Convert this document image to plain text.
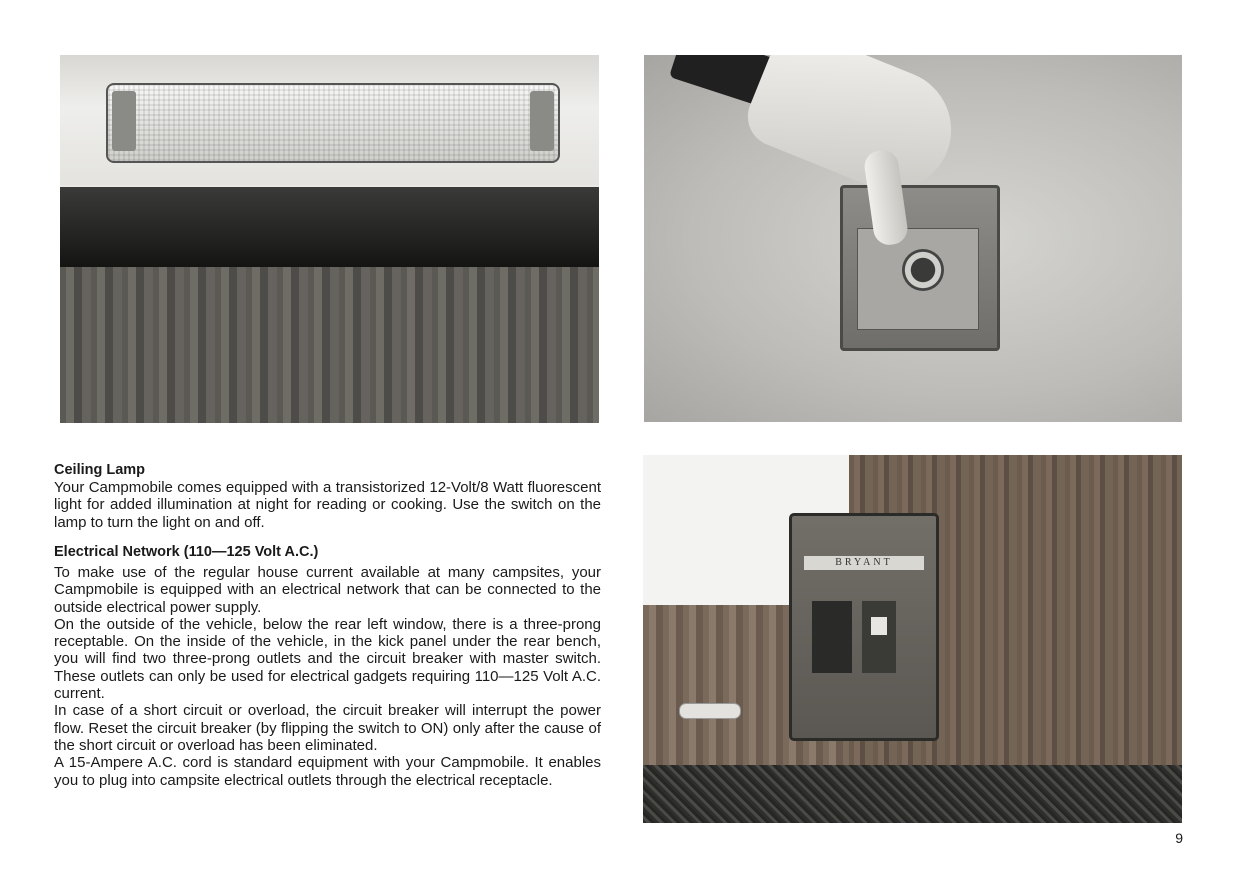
BRYANT
Ceiling Lamp

Your Campmobile comes equipped with a transistorized 12-Volt/8 Watt fluorescent light for added illumination at night for reading or cooking. Use the switch on the lamp to turn the light on and off.

Electrical Network (110—125 Volt A.C.)

To make use of the regular house current available at many campsites, your Campmobile is equipped with an electrical network that can be connected to the outside electrical power supply.

On the outside of the vehicle, below the rear left window, there is a three-prong receptable. On the inside of the vehicle, in the kick panel under the rear bench, you will find two three-prong outlets and the circuit breaker with master switch. These outlets can only be used for electrical gadgets requiring 110—125 Volt A.C. current.

In case of a short circuit or overload, the circuit breaker will interrupt the power flow. Reset the circuit breaker (by flipping the switch to ON) only after the cause of the short circuit or overload has been eliminated.

A 15-Ampere A.C. cord is standard equipment with your Campmobile. It enables you to plug into campsite electrical outlets through the electrical receptacle.

9
